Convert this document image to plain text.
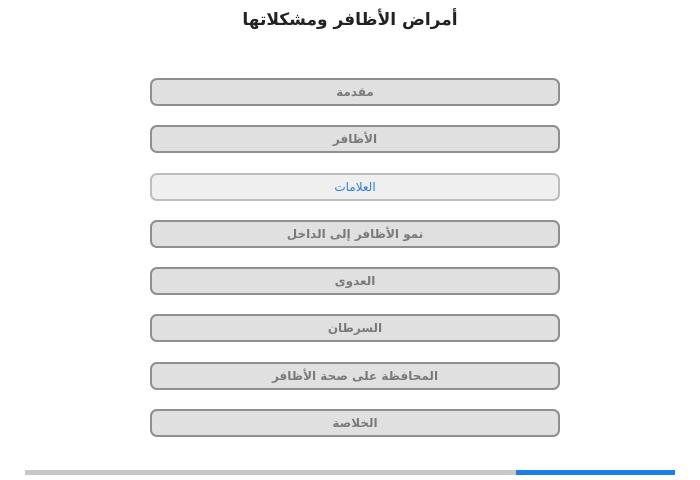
أمراض الأظافر ومشكلاتها
مقدمة
الأظافر
العلامات
نمو الأظافر إلى الداخل
العدوى
السرطان
المحافظة على صحة الأظافر
الخلاصة
